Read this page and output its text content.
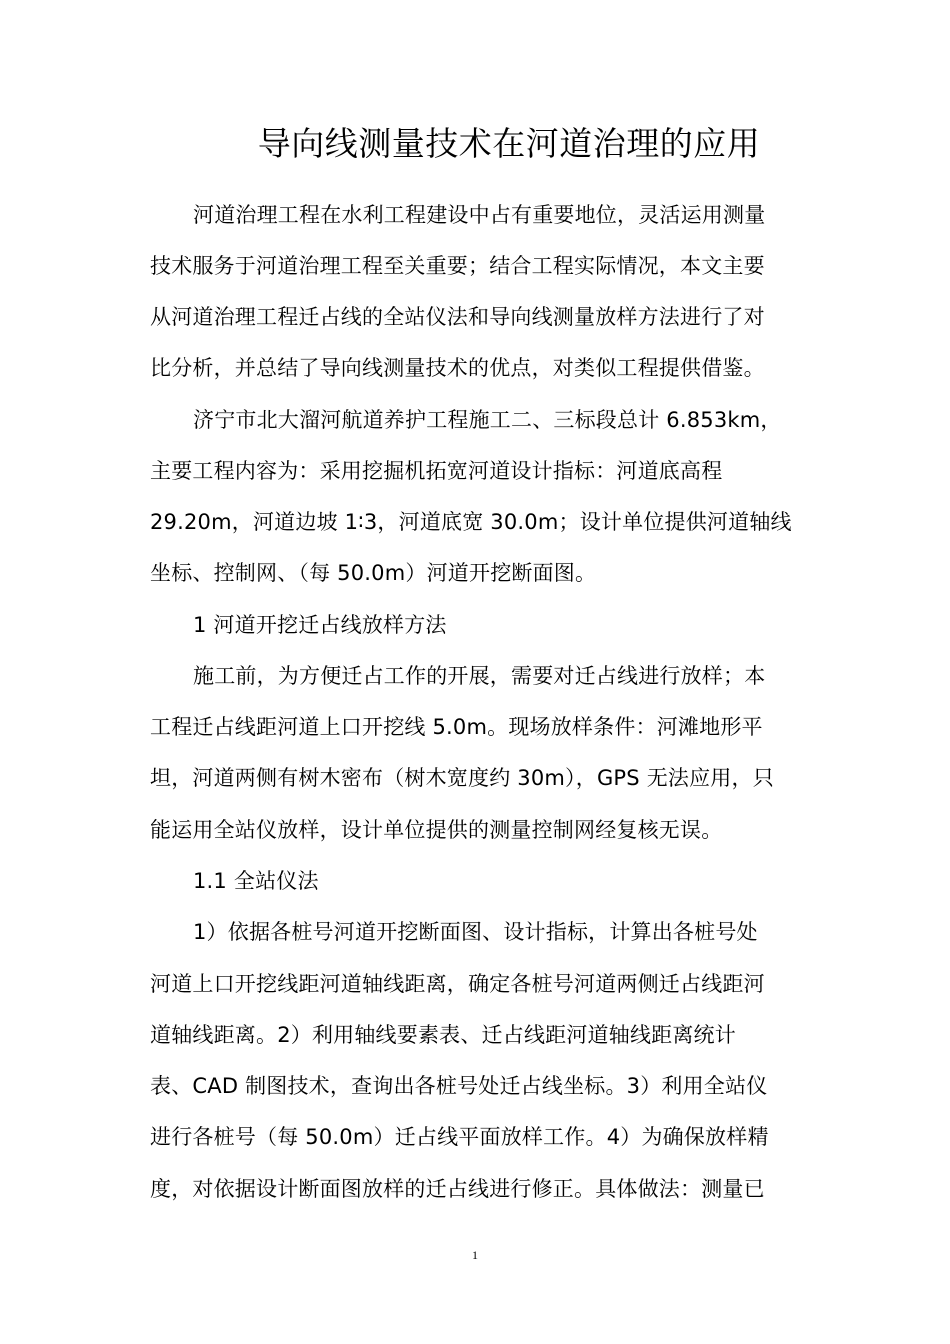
导向线测量技术在河道治理的应用
河道治理工程在水利工程建设中占有重要地位，灵活运用测量
技术服务于河道治理工程至关重要；结合工程实际情况，本文主要
从河道治理工程迁占线的全站仪法和导向线测量放样方法进行了对
比分析，并总结了导向线测量技术的优点，对类似工程提供借鉴。
济宁市北大溜河航道养护工程施工二、三标段总计 6.853km，
主要工程内容为：采用挖掘机拓宽河道设计指标：河道底高程
29.20m，河道边坡 1∶3，河道底宽 30.0m；设计单位提供河道轴线
坐标、控制网、（每 50.0m）河道开挖断面图。
1 河道开挖迁占线放样方法
施工前，为方便迁占工作的开展，需要对迁占线进行放样；本
工程迁占线距河道上口开挖线 5.0m。现场放样条件：河滩地形平
坦，河道两侧有树木密布（树木宽度约 30m），GPS 无法应用，只
能运用全站仪放样，设计单位提供的测量控制网经复核无误。
1.1 全站仪法
1）依据各桩号河道开挖断面图、设计指标，计算出各桩号处
河道上口开挖线距河道轴线距离，确定各桩号河道两侧迁占线距河
道轴线距离。2）利用轴线要素表、迁占线距河道轴线距离统计
表、CAD 制图技术，查询出各桩号处迁占线坐标。3）利用全站仪
进行各桩号（每 50.0m）迁占线平面放样工作。4）为确保放样精
度，对依据设计断面图放样的迁占线进行修正。具体做法：测量已
1
